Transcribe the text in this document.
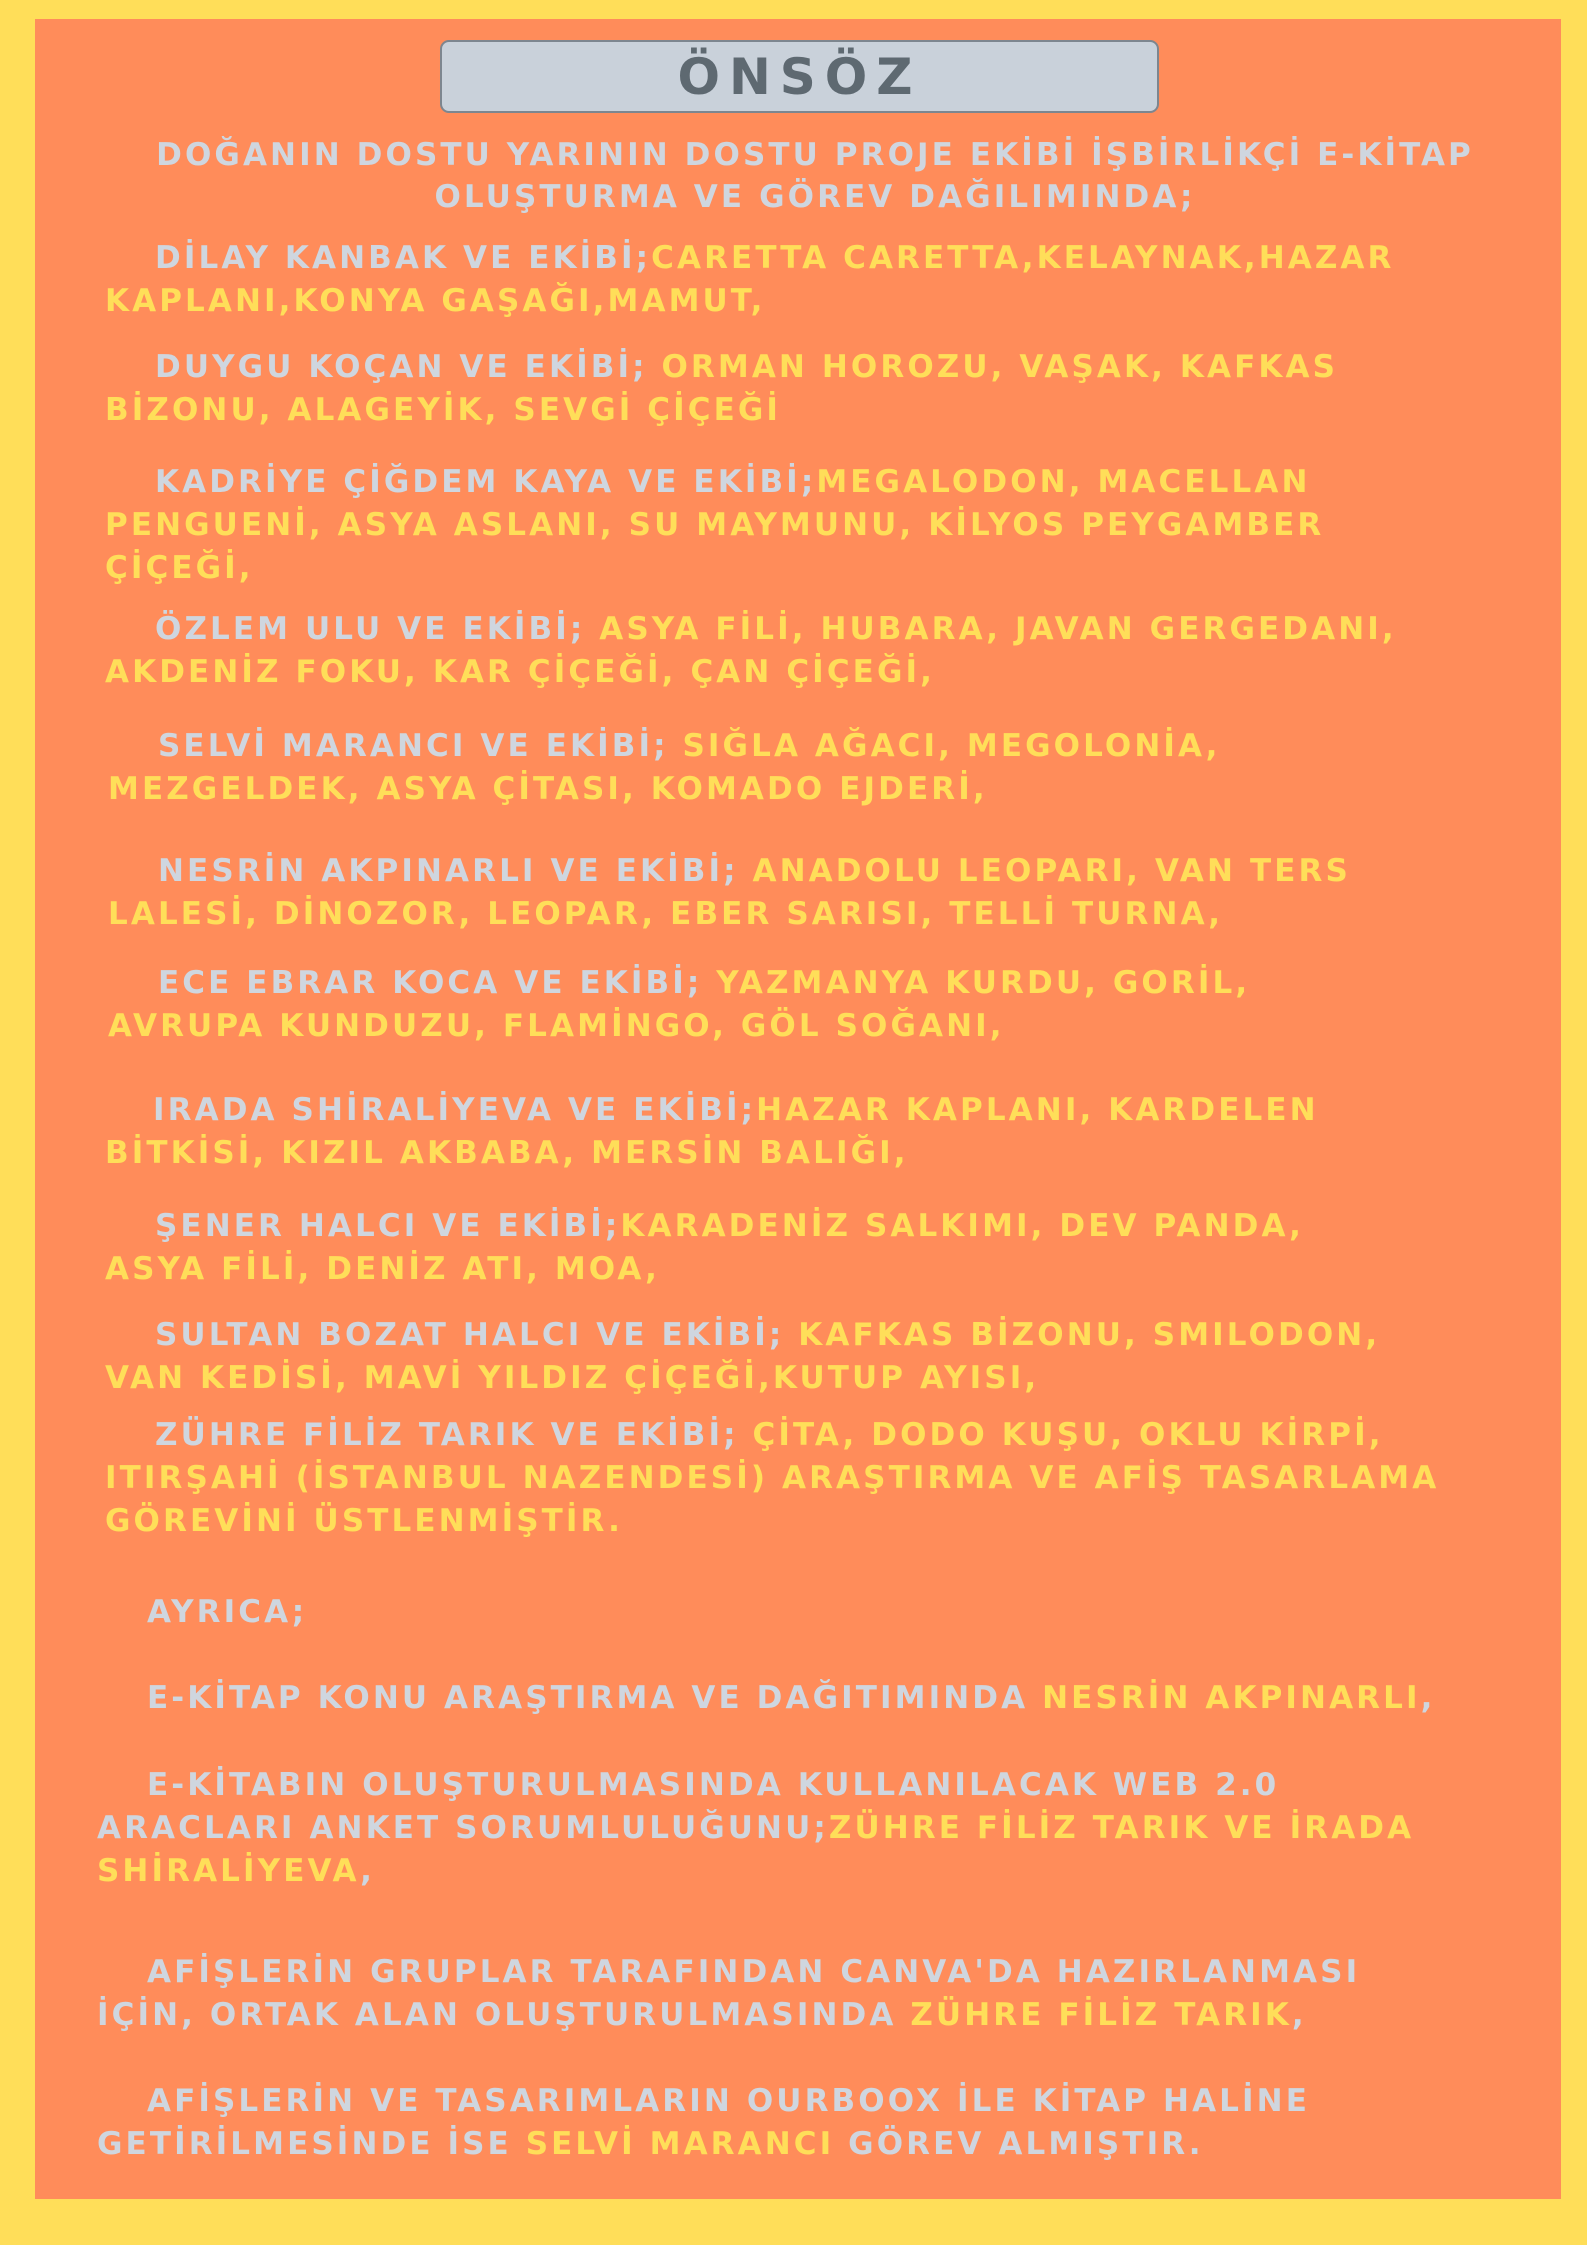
ÖNSÖZ
DOĞANIN DOSTU YARININ DOSTU PROJE EKİBİ İŞBİRLİKÇİ E-KİTAP
OLUŞTURMA VE GÖREV DAĞILIMINDA;
DİLAY KANBAK VE EKİBİ;CARETTA CARETTA,KELAYNAK,HAZAR
KAPLANI,KONYA GAŞAĞI,MAMUT,
DUYGU KOÇAN VE EKİBİ; ORMAN HOROZU, VAŞAK, KAFKAS
BİZONU, ALAGEYİK, SEVGİ ÇİÇEĞİ
KADRİYE ÇİĞDEM KAYA VE EKİBİ;MEGALODON, MACELLAN
PENGUENİ, ASYA ASLANI, SU MAYMUNU, KİLYOS PEYGAMBER
ÇİÇEĞİ,
ÖZLEM ULU VE EKİBİ; ASYA FİLİ, HUBARA, JAVAN GERGEDANI,
AKDENİZ FOKU, KAR ÇİÇEĞİ, ÇAN ÇİÇEĞİ,
SELVİ MARANCI VE EKİBİ; SIĞLA AĞACI, MEGOLONİA,
MEZGELDEK, ASYA ÇİTASI, KOMADO EJDERİ,
NESRİN AKPINARLI VE EKİBİ; ANADOLU LEOPARI, VAN TERS
LALESİ, DİNOZOR, LEOPAR, EBER SARISI, TELLİ TURNA,
ECE EBRAR KOCA VE EKİBİ; YAZMANYA KURDU, GORİL,
AVRUPA KUNDUZU, FLAMİNGO, GÖL SOĞANI,
IRADA SHİRALİYEVA VE EKİBİ;HAZAR KAPLANI, KARDELEN
BİTKİSİ, KIZIL AKBABA, MERSİN BALIĞI,
ŞENER HALCI VE EKİBİ;KARADENİZ SALKIMI, DEV PANDA,
ASYA FİLİ, DENİZ ATI, MOA,
SULTAN BOZAT HALCI VE EKİBİ; KAFKAS BİZONU, SMILODON,
VAN KEDİSİ, MAVİ YILDIZ ÇİÇEĞİ,KUTUP AYISI,
ZÜHRE FİLİZ TARIK VE EKİBİ; ÇİTA, DODO KUŞU, OKLU KİRPİ,
ITIRŞAHİ (İSTANBUL NAZENDESİ) ARAŞTIRMA VE AFİŞ TASARLAMA
GÖREVİNİ ÜSTLENMİŞTİR.
AYRICA;
E-KİTAP KONU ARAŞTIRMA VE DAĞITIMINDA NESRİN AKPINARLI,
E-KİTABIN OLUŞTURULMASINDA KULLANILACAK WEB 2.0
ARACLARI ANKET SORUMLULUĞUNU;ZÜHRE FİLİZ TARIK VE İRADA
SHİRALİYEVA,
AFİŞLERİN GRUPLAR TARAFINDAN CANVA'DA HAZIRLANMASI
İÇİN, ORTAK ALAN OLUŞTURULMASINDA ZÜHRE FİLİZ TARIK,
AFİŞLERİN VE TASARIMLARIN OURBOOX İLE KİTAP HALİNE
GETİRİLMESİNDE İSE SELVİ MARANCI GÖREV ALMIŞTIR.
